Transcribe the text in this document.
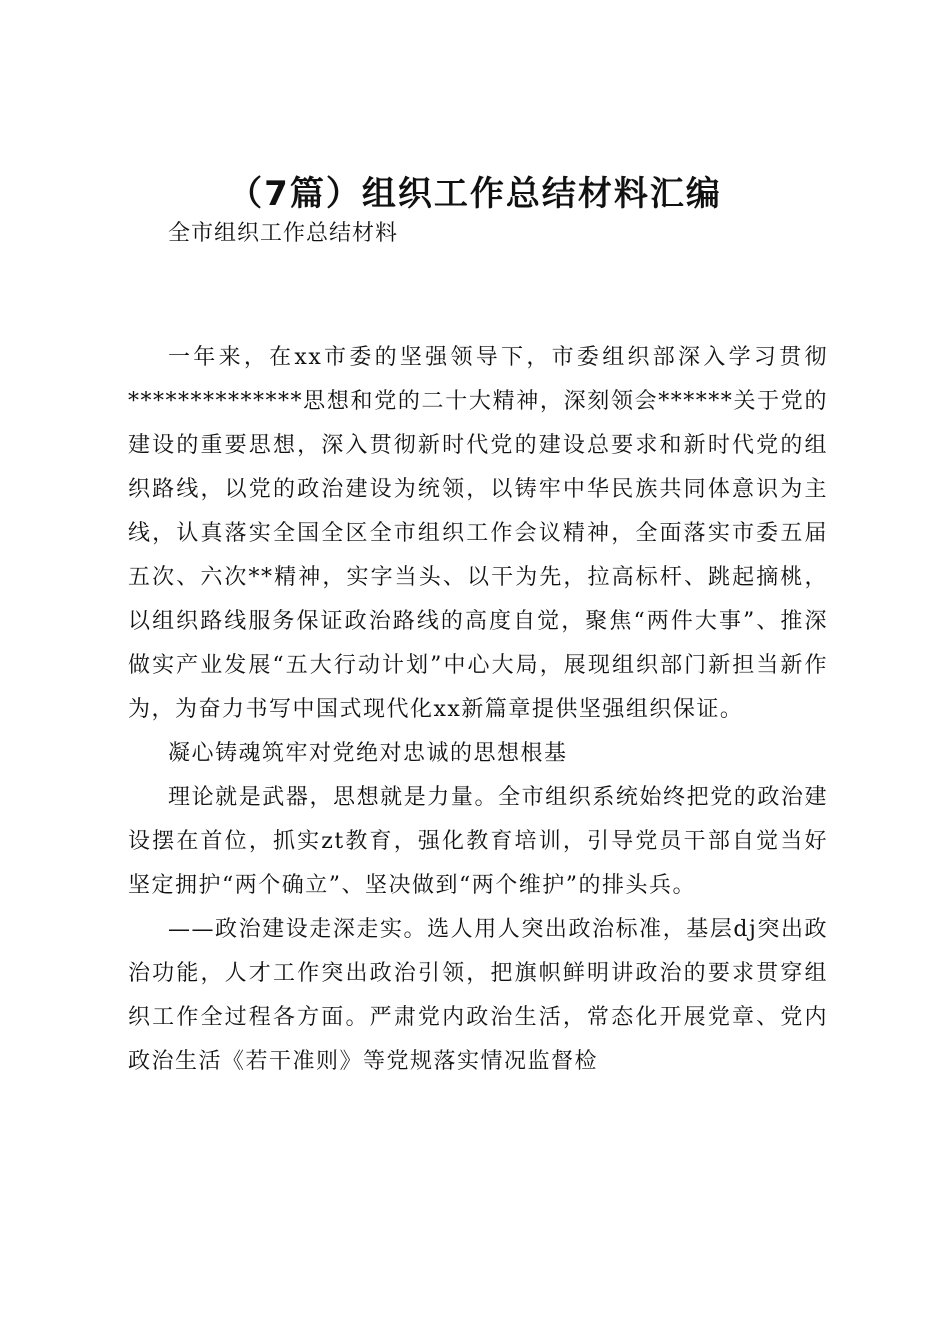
（7篇）组织工作总结材料汇编

全市组织工作总结材料

一年来，在xx市委的坚强领导下，市委组织部深入学习贯彻**************思想和党的二十大精神，深刻领会******关于党的建设的重要思想，深入贯彻新时代党的建设总要求和新时代党的组织路线，以党的政治建设为统领，以铸牢中华民族共同体意识为主线，认真落实全国全区全市组织工作会议精神，全面落实市委五届五次、六次**精神，实字当头、以干为先，拉高标杆、跳起摘桃，以组织路线服务保证政治路线的高度自觉，聚焦“两件大事”、推深做实产业发展“五大行动计划”中心大局，展现组织部门新担当新作为，为奋力书写中国式现代化xx新篇章提供坚强组织保证。

凝心铸魂筑牢对党绝对忠诚的思想根基

理论就是武器，思想就是力量。全市组织系统始终把党的政治建设摆在首位，抓实zt教育，强化教育培训，引导党员干部自觉当好坚定拥护“两个确立”、坚决做到“两个维护”的排头兵。

——政治建设走深走实。选人用人突出政治标准，基层dj突出政治功能，人才工作突出政治引领，把旗帜鲜明讲政治的要求贯穿组织工作全过程各方面。严肃党内政治生活，常态化开展党章、党内政治生活《若干准则》等党规落实情况监督检
